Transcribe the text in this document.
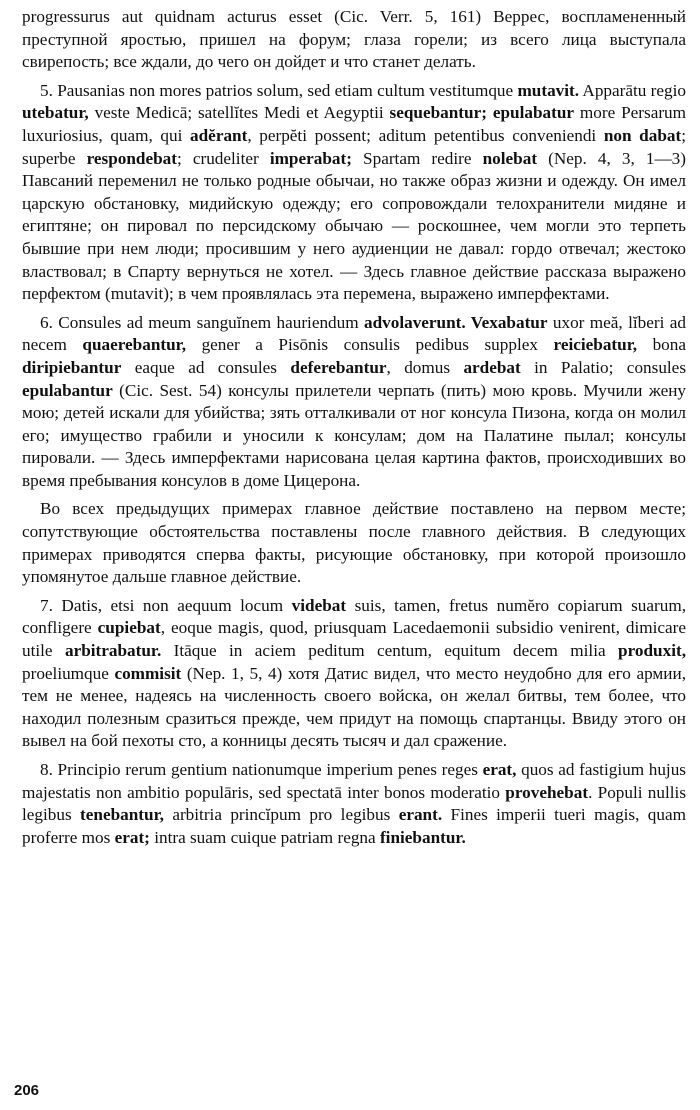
progressurus aut quidnam acturus esset (Cic. Verr. 5, 161) Веррес, воспламененный преступной яростью, пришел на форум; глаза горели; из всего лица выступала свирепость; все ждали, до чего он дойдет и что станет делать.

5. Pausanias non mores patrios solum, sed etiam cultum vestitumque mutavit. Apparātu regio utebatur, veste Medicā; satellĭtes Medi et Aegyptii sequebantur; epulabatur more Persarum luxuriosius, quam, qui adĕrant, perpĕti possent; aditum petentibus conveniendi non dabat; superbe respondebat; crudeliter imperabat; Spartam redire nolebat (Nep. 4, 3, 1—3) Павсаний переменил не только родные обычаи, но также образ жизни и одежду. Он имел царскую обстановку, мидийскую одежду; его сопровождали телохранители мидяне и египтяне; он пировал по персидскому обычаю — роскошнее, чем могли это терпеть бывшие при нем люди; просившим у него аудиенции не давал: гордо отвечал; жестоко властвовал; в Спарту вернуться не хотел. — Здесь главное действие рассказа выражено перфектом (mutavit); в чем проявлялась эта перемена, выражено имперфектами.

6. Consules ad meum sanguĭnem hauriendum advolaverunt. Vexabatur uxor meă, lĭberi ad necem quaerebantur, gener a Pisōnis consulis pedibus supplex reiciebatur, bona diripiebantur eaque ad consules deferebantur, domus ardebat in Palatio; consules epulabantur (Cic. Sest. 54) консулы прилетели черпать (пить) мою кровь. Мучили жену мою; детей искали для убийства; зять отталкивали от ног консула Пизона, когда он молил его; имущество грабили и уносили к консулам; дом на Палатине пылал; консулы пировали. — Здесь имперфектами нарисована целая картина фактов, происходивших во время пребывания консулов в доме Цицерона.

Во всех предыдущих примерах главное действие поставлено на первом месте; сопутствующие обстоятельства поставлены после главного действия. В следующих примерах приводятся сперва факты, рисующие обстановку, при которой произошло упомянутое дальше главное действие.

7. Datis, etsi non aequum locum videbat suis, tamen, fretus numĕro copiarum suarum, confligere cupiebat, eoque magis, quod, priusquam Lacedaemonii subsidio venirent, dimicare utile arbitrabatur. Itāque in aciem peditum centum, equitum decem milia produxit, proeliumque commisit (Nep. 1, 5, 4) хотя Датис видел, что место неудобно для его армии, тем не менее, надеясь на численность своего войска, он желал битвы, тем более, что находил полезным сразиться прежде, чем придут на помощь спартанцы. Ввиду этого он вывел на бой пехоты сто, а конницы десять тысяч и дал сражение.

8. Principio rerum gentium nationumque imperium penes reges erat, quos ad fastigium hujus majestatis non ambitio populāris, sed spectatā inter bonos moderatio provehebat. Populi nullis legibus tenebantur, arbitria princĭpum pro legibus erant. Fines imperii tueri magis, quam proferre mos erat; intra suam cuique patriam regna finiebantur.

206
